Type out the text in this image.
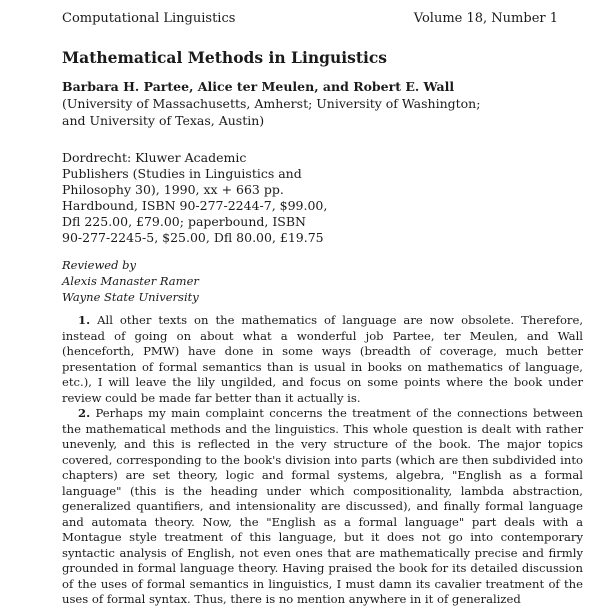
Computational Linguistics	Volume 18, Number 1
Mathematical Methods in Linguistics
Barbara H. Partee, Alice ter Meulen, and Robert E. Wall
(University of Massachusetts, Amherst; University of Washington;
and University of Texas, Austin)
Dordrecht: Kluwer Academic
Publishers (Studies in Linguistics and
Philosophy 30), 1990, xx + 663 pp.
Hardbound, ISBN 90-277-2244-7, $99.00,
Dfl 225.00, £79.00; paperbound, ISBN
90-277-2245-5, $25.00, Dfl 80.00, £19.75
Reviewed by
Alexis Manaster Ramer
Wayne State University

1. All other texts on the mathematics of language are now obsolete. Therefore, instead of going on about what a wonderful job Partee, ter Meulen, and Wall (henceforth, PMW) have done in some ways (breadth of coverage, much better presentation of formal semantics than is usual in books on mathematics of language, etc.), I will leave the lily ungilded, and focus on some points where the book under review could be made far better than it actually is.

2. Perhaps my main complaint concerns the treatment of the connections between the mathematical methods and the linguistics. This whole question is dealt with rather unevenly, and this is reflected in the very structure of the book. The major topics covered, corresponding to the book's division into parts (which are then subdivided into chapters) are set theory, logic and formal systems, algebra, "English as a formal language" (this is the heading under which compositionality, lambda abstraction, generalized quantifiers, and intensionality are discussed), and finally formal language and automata theory. Now, the "English as a formal language" part deals with a Montague style treatment of this language, but it does not go into contemporary syntactic analysis of English, not even ones that are mathematically precise and firmly grounded in formal language theory. Having praised the book for its detailed discussion of the uses of formal semantics in linguistics, I must damn its cavalier treatment of the uses of formal syntax. Thus, there is no mention anywhere in it of generalized
